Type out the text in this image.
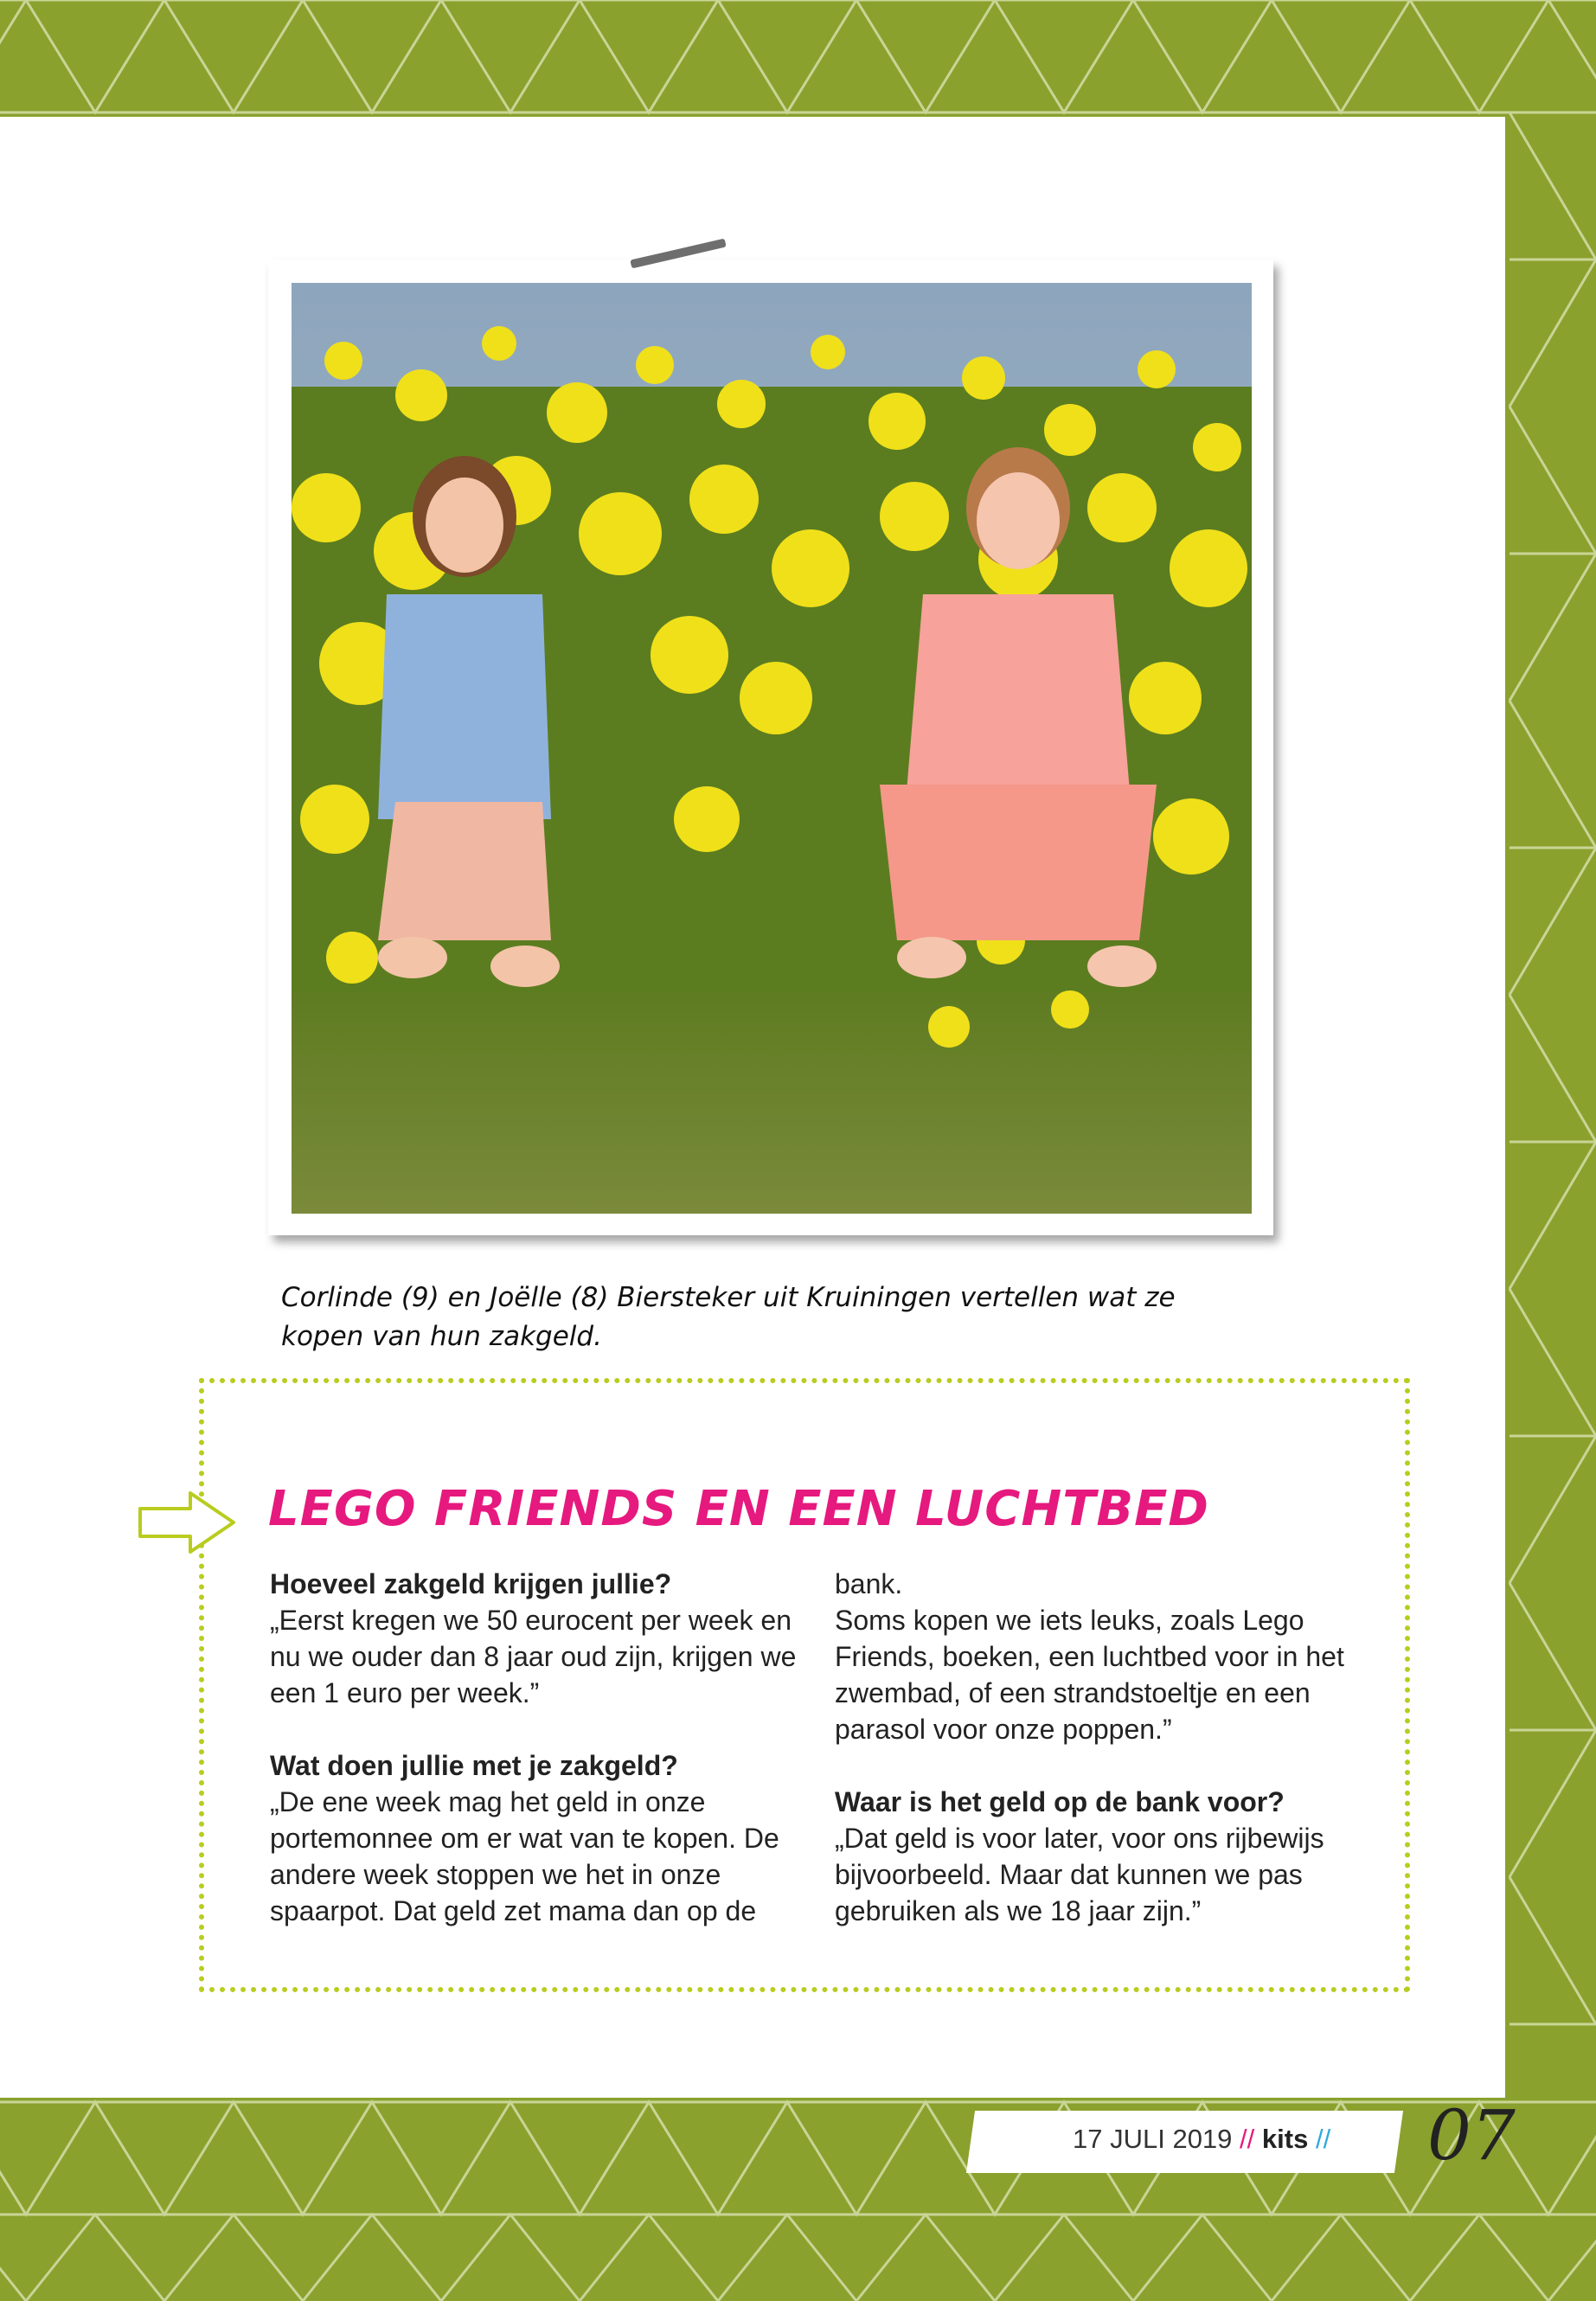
Corlinde (9) en Joëlle (8) Biersteker uit Kruiningen vertellen wat ze
kopen van hun zakgeld.
LEGO FRIENDS EN EEN LUCHTBED
Hoeveel zakgeld krijgen jullie?
„Eerst kregen we 50 eurocent per week en nu we ouder dan 8 jaar oud zijn, krijgen we een 1 euro per week.”
Wat doen jullie met je zakgeld?
„De ene week mag het geld in onze portemonnee om er wat van te kopen. De andere week stoppen we het in onze spaarpot. Dat geld zet mama dan op de
bank.
Soms kopen we iets leuks, zoals Lego Friends, boeken, een luchtbed voor in het zwembad, of een strandstoeltje en een parasol voor onze poppen.”
Waar is het geld op de bank voor?
„Dat geld is voor later, voor ons rijbewijs bijvoorbeeld. Maar dat kunnen we pas gebruiken als we 18 jaar zijn.”
17 JULI 2019 // kits // 07
